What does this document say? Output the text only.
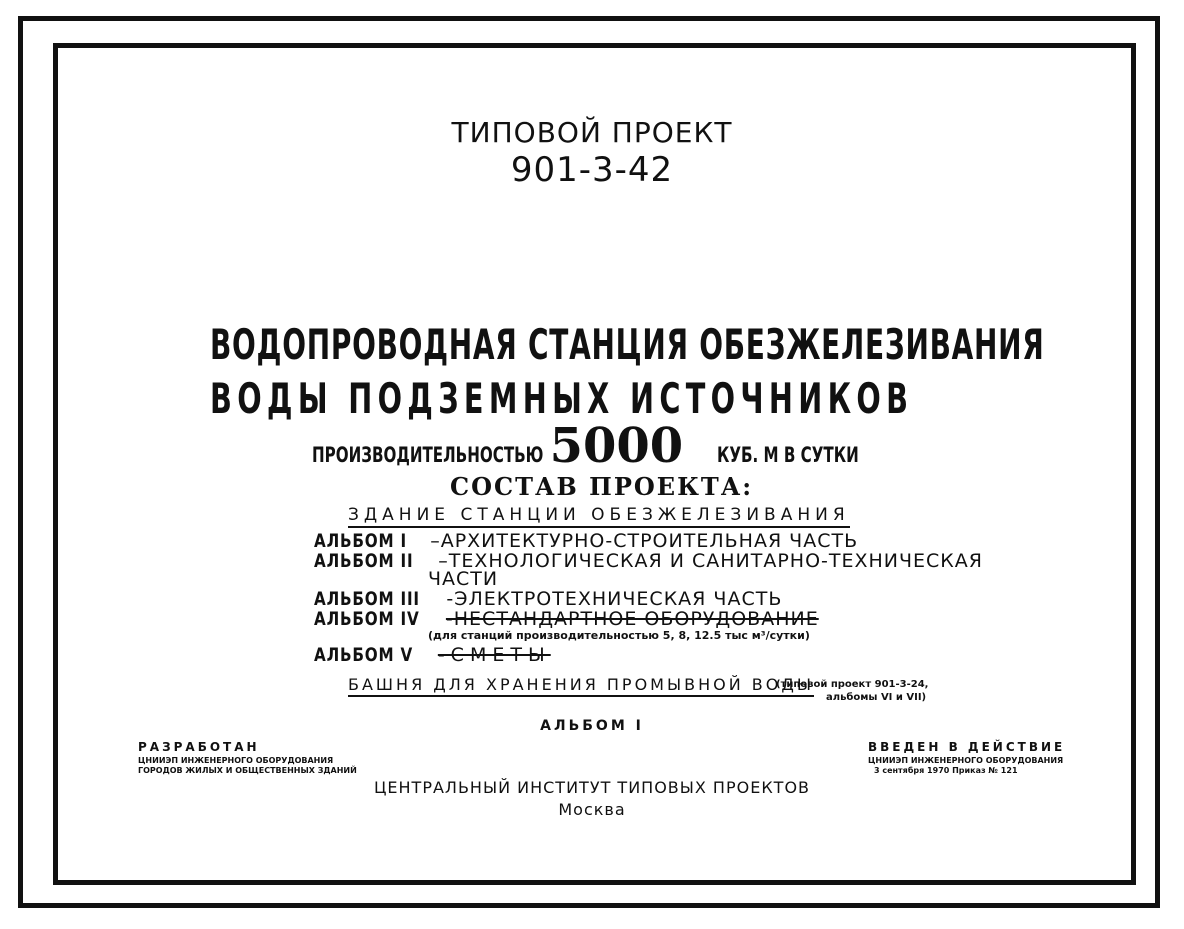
ТИПОВОЙ ПРОЕКТ
901-3-42
ВОДОПРОВОДНАЯ СТАНЦИЯ ОБЕЗЖЕЛЕЗИВАНИЯ
ВОДЫ ПОДЗЕМНЫХ ИСТОЧНИКОВ
ПРОИЗВОДИТЕЛЬНОСТЬЮ 5000 КУБ. М В СУТКИ
СОСТАВ ПРОЕКТА:
ЗДАНИЕ СТАНЦИИ ОБЕЗЖЕЛЕЗИВАНИЯ
АЛЬБОМ I –АРХИТЕКТУРНО-СТРОИТЕЛЬНАЯ ЧАСТЬ
АЛЬБОМ II –ТЕХНОЛОГИЧЕСКАЯ И САНИТАРНО-ТЕХНИЧЕСКАЯ
ЧАСТИ
АЛЬБОМ III -ЭЛЕКТРОТЕХНИЧЕСКАЯ ЧАСТЬ
АЛЬБОМ IV -НЕСТАНДАРТНОЕ ОБОРУДОВАНИЕ
(для станций производительностью 5, 8, 12.5 тыс м³/сутки)
АЛЬБОМ V -СМЕТЫ
БАШНЯ ДЛЯ ХРАНЕНИЯ ПРОМЫВНОЙ ВОДЫ
(типовой проект 901-3-24,
альбомы VI и VII)
АЛЬБОМ I
РАЗРАБОТАН
ЦНИИЭП ИНЖЕНЕРНОГО ОБОРУДОВАНИЯ
ГОРОДОВ ЖИЛЫХ И ОБЩЕСТВЕННЫХ ЗДАНИЙ
ВВЕДЕН В ДЕЙСТВИЕ
ЦНИИЭП ИНЖЕНЕРНОГО ОБОРУДОВАНИЯ
3 сентября 1970 Приказ № 121
ЦЕНТРАЛЬНЫЙ ИНСТИТУТ ТИПОВЫХ ПРОЕКТОВ
Москва
